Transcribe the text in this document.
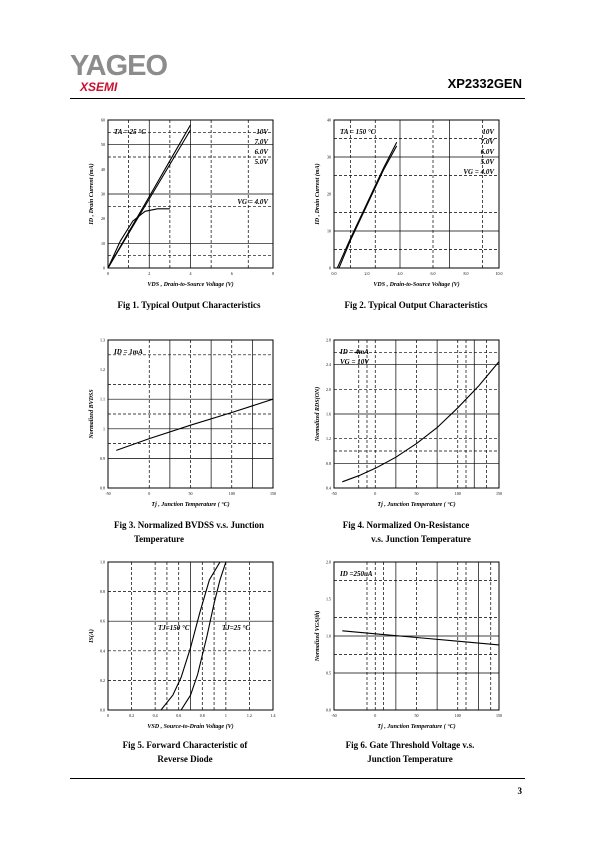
YAGEO
XSEMI	XP2332GEN
0	2	4	6	8
0
10
20
30
40
50
60
VDS , Drain-to-Source Voltage (V)
ID , Drain Current (mA)
TA = 25 °C	10V
7.0V
6.0V
5.0V
VG = 4.0V
0.0	2.0	4.0	6.0	8.0	10.0
0
10
20
30
40
VDS , Drain-to-Source Voltage (V)
ID , Drain Current (mA)
TA = 150 °C	10V
7.0V
6.0V
5.0V
VG = 4.0V
-50	0	50	100	150
0.8
0.9
1
1.1
1.2
1.3
Tj , Junction Temperature ( °C)
Normalized BVDSS
ID = 1mA
-50	0	50	100	150
0.4
0.8
1.2
1.6
2.0
2.4
2.8
Tj , Junction Temperature ( °C)
Normalized RDS(ON)
ID = 4mA
VG = 10V
0	0.2	0.4	0.6	0.8	1	1.2	1.4
0.0
0.2
0.4
0.6
0.8
1.0
VSD , Source-to-Drain Voltage (V)
IS(A)
TJ=150 °C	TJ=25 °C
-50	0	50	100	150
0.0
0.5
1.0
1.5
2.0
Tj , Junction Temperature ( °C)
Normalized VGS(th)
ID =250uA
Fig 1. Typical Output Characteristics	Fig 2. Typical Output Characteristics
Fig 3. Normalized BVDSS v.s. Junction
Temperature
Fig 4. Normalized On-Resistance
v.s. Junction Temperature
Fig 5. Forward Characteristic of
Reverse Diode
Fig 6. Gate Threshold Voltage v.s.
Junction Temperature
3
